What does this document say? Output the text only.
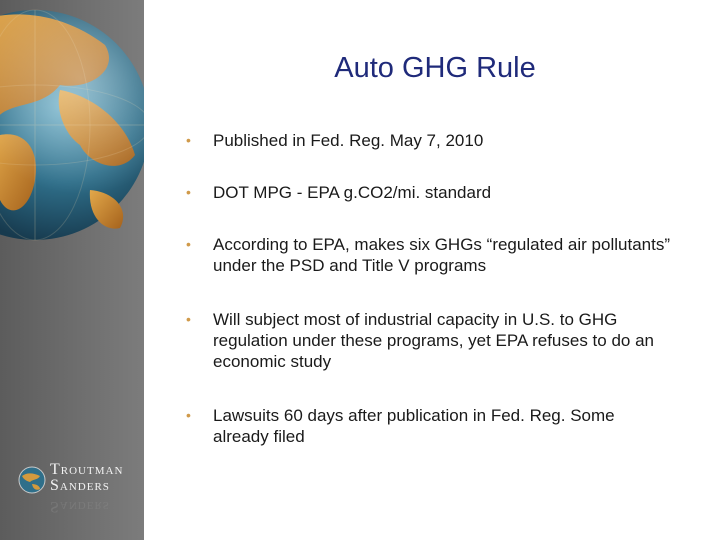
Troutman
Sanders
Sanders
Auto GHG Rule
• Published in Fed. Reg. May 7, 2010
• DOT MPG - EPA g.CO2/mi. standard
• According to EPA, makes six GHGs “regulated air pollutants” under the PSD and Title V programs
• Will subject most of industrial capacity in U.S. to GHG regulation under these programs, yet EPA refuses to do an economic study
• Lawsuits 60 days after publication in Fed. Reg. Some already filed
